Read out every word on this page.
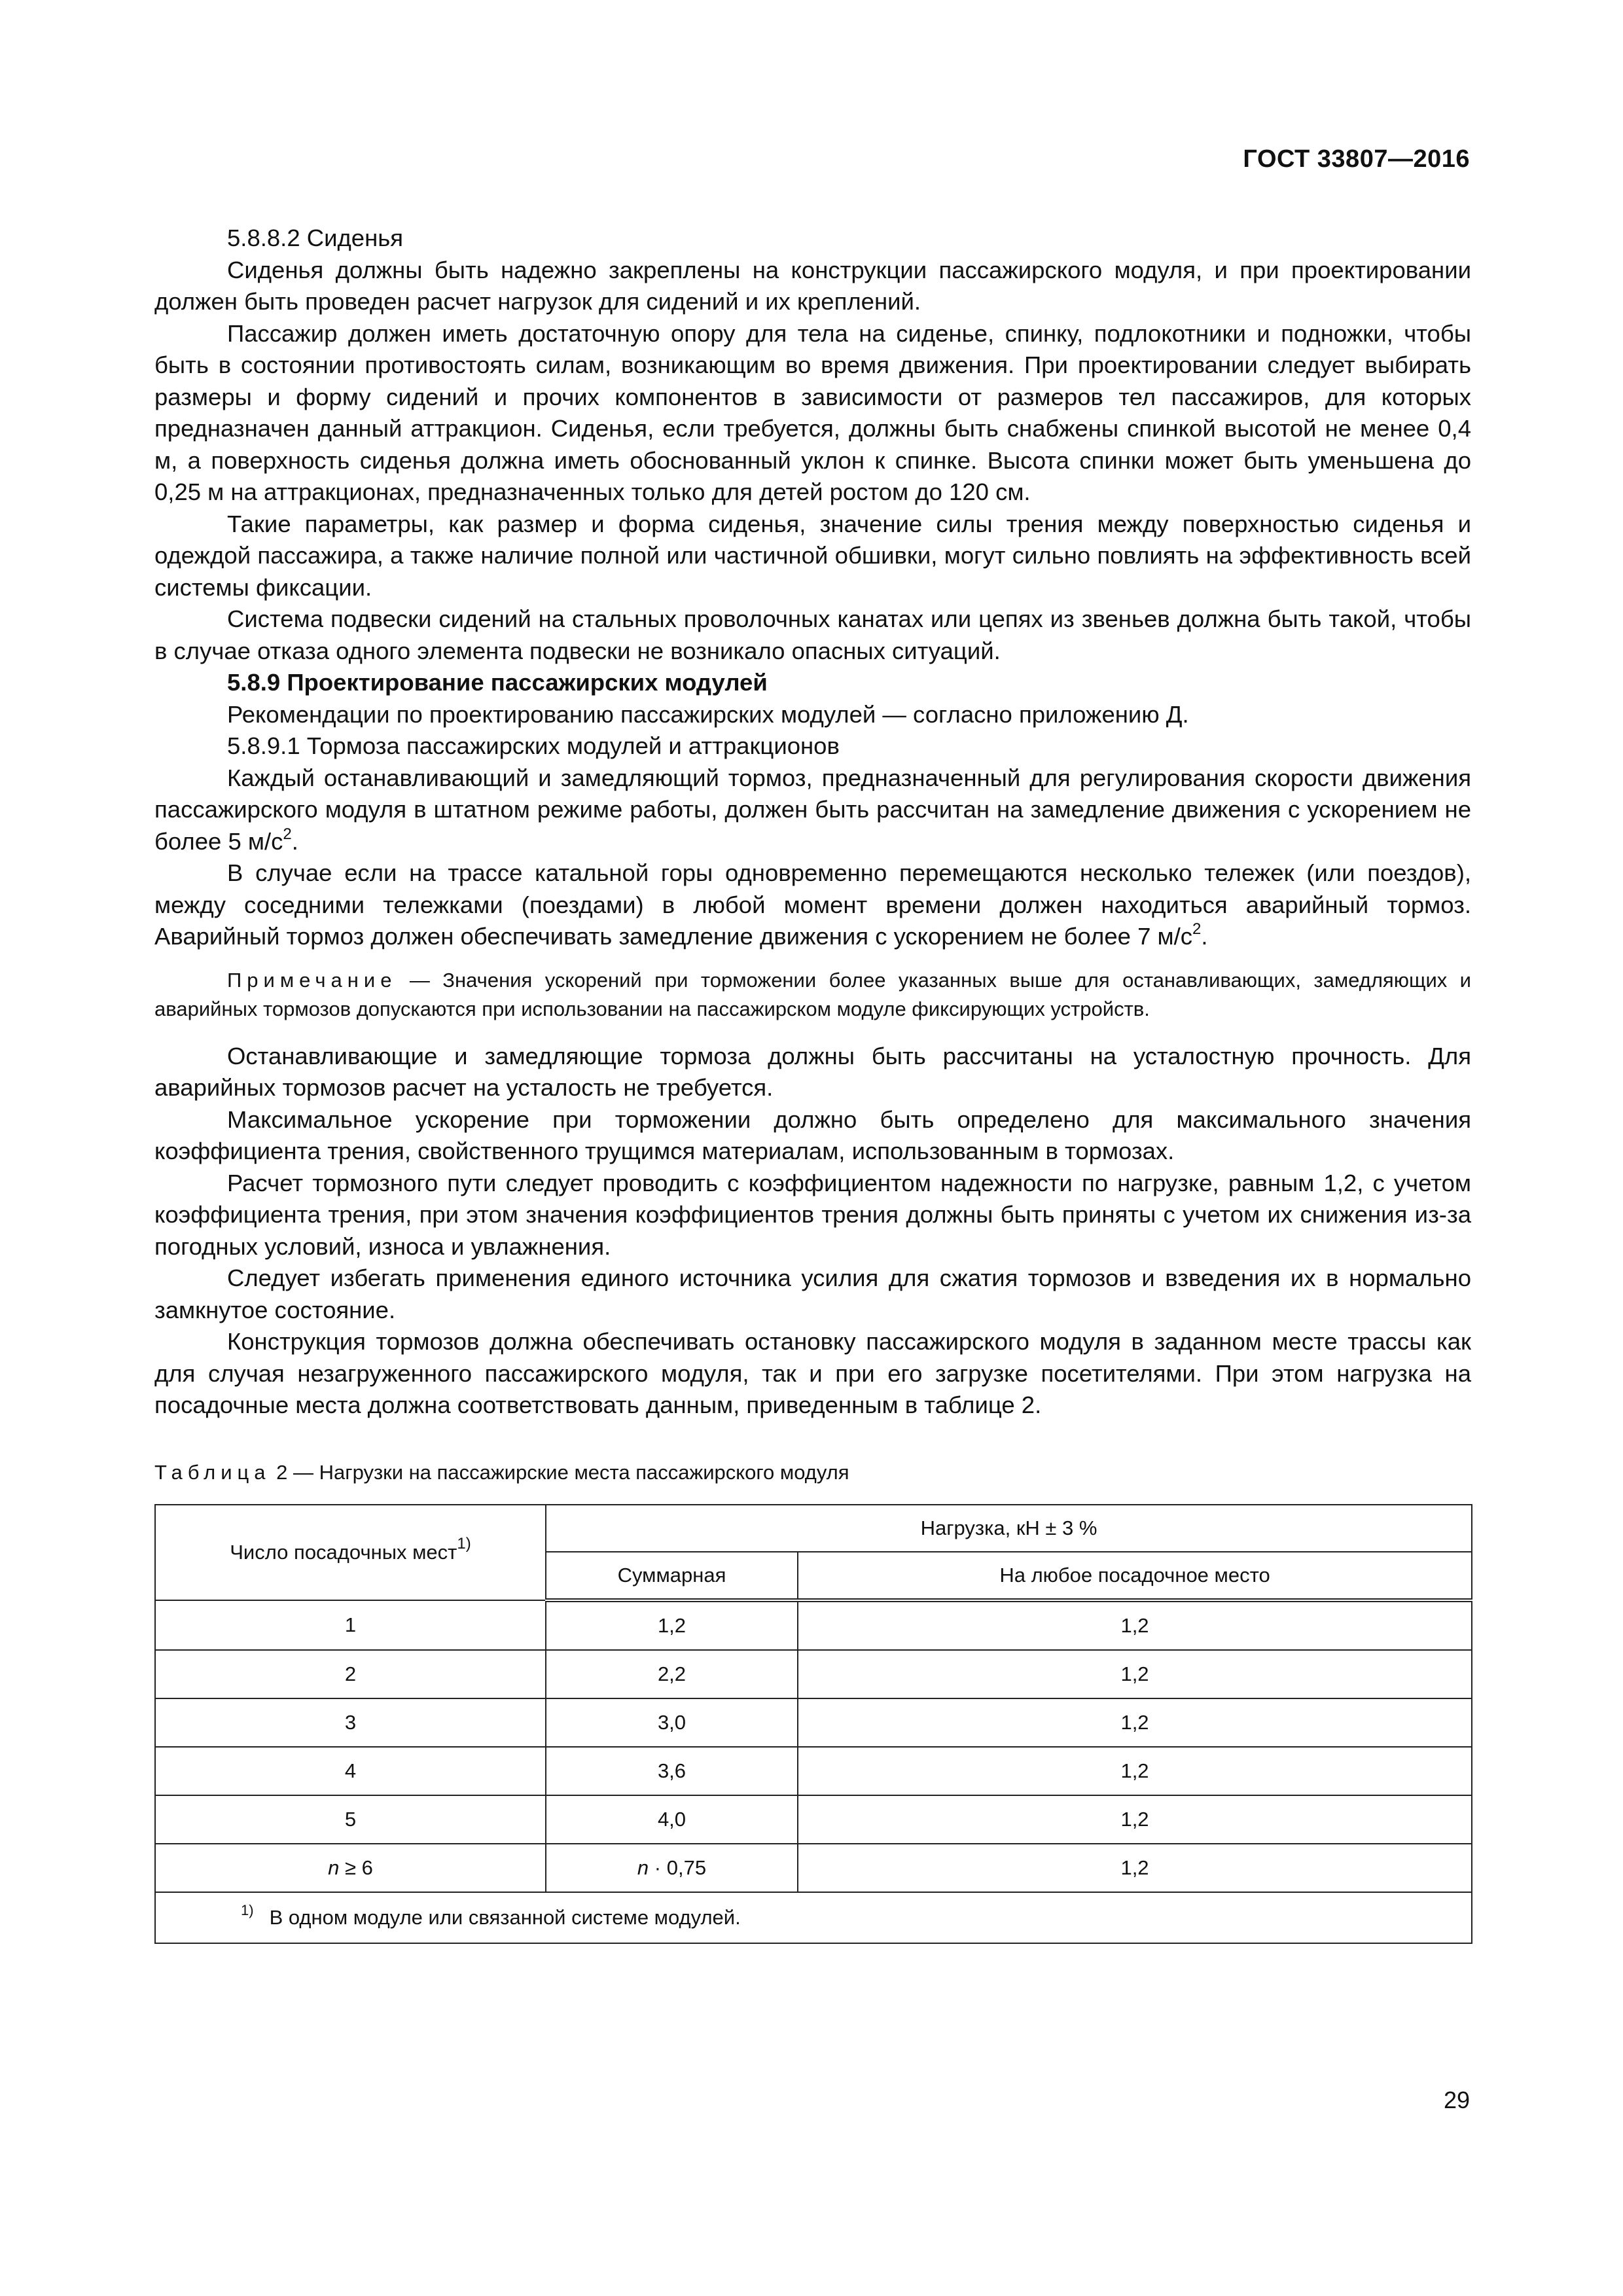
ГОСТ 33807—2016

5.8.8.2 Сиденья

Сиденья должны быть надежно закреплены на конструкции пассажирского модуля, и при проектировании должен быть проведен расчет нагрузок для сидений и их креплений.

Пассажир должен иметь достаточную опору для тела на сиденье, спинку, подлокотники и подножки, чтобы быть в состоянии противостоять силам, возникающим во время движения. При проектировании следует выбирать размеры и форму сидений и прочих компонентов в зависимости от размеров тел пассажиров, для которых предназначен данный аттракцион. Сиденья, если требуется, должны быть снабжены спинкой высотой не менее 0,4 м, а поверхность сиденья должна иметь обоснованный уклон к спинке. Высота спинки может быть уменьшена до 0,25 м на аттракционах, предназначенных только для детей ростом до 120 см.

Такие параметры, как размер и форма сиденья, значение силы трения между поверхностью сиденья и одеждой пассажира, а также наличие полной или частичной обшивки, могут сильно повлиять на эффективность всей системы фиксации.

Система подвески сидений на стальных проволочных канатах или цепях из звеньев должна быть такой, чтобы в случае отказа одного элемента подвески не возникало опасных ситуаций.

5.8.9 Проектирование пассажирских модулей

Рекомендации по проектированию пассажирских модулей — согласно приложению Д.

5.8.9.1 Тормоза пассажирских модулей и аттракционов

Каждый останавливающий и замедляющий тормоз, предназначенный для регулирования скорости движения пассажирского модуля в штатном режиме работы, должен быть рассчитан на замедление движения с ускорением не более 5 $м/с^2$.

В случае если на трассе катальной горы одновременно перемещаются несколько тележек (или поездов), между соседними тележками (поездами) в любой момент времени должен находиться аварийный тормоз. Аварийный тормоз должен обеспечивать замедление движения с ускорением не более 7 $м/с^2$.

Примечание — Значения ускорений при торможении более указанных выше для останавливающих, замедляющих и аварийных тормозов допускаются при использовании на пассажирском модуле фиксирующих устройств.

Останавливающие и замедляющие тормоза должны быть рассчитаны на усталостную прочность. Для аварийных тормозов расчет на усталость не требуется.

Максимальное ускорение при торможении должно быть определено для максимального значения коэффициента трения, свойственного трущимся материалам, использованным в тормозах.

Расчет тормозного пути следует проводить с коэффициентом надежности по нагрузке, равным 1,2, с учетом коэффициента трения, при этом значения коэффициентов трения должны быть приняты с учетом их снижения из-за погодных условий, износа и увлажнения.

Следует избегать применения единого источника усилия для сжатия тормозов и взведения их в нормально замкнутое состояние.

Конструкция тормозов должна обеспечивать остановку пассажирского модуля в заданном месте трассы как для случая незагруженного пассажирского модуля, так и при его загрузке посетителями. При этом нагрузка на посадочные места должна соответствовать данным, приведенным в таблице 2.

Таблица 2 — Нагрузки на пассажирские места пассажирского модуля
Число посадочных мест$^{1)}$	Нагрузка, кН ± 3 %	
	Суммарная	На любое посадочное место
1	1,2	1,2
2	2,2	1,2
3	3,0	1,2
4	3,6	1,2
5	4,0	1,2
n ≥ 6	n · 0,75	1,2
$^{1)}$ В одном модуле или связанной системе модулей.		
29
